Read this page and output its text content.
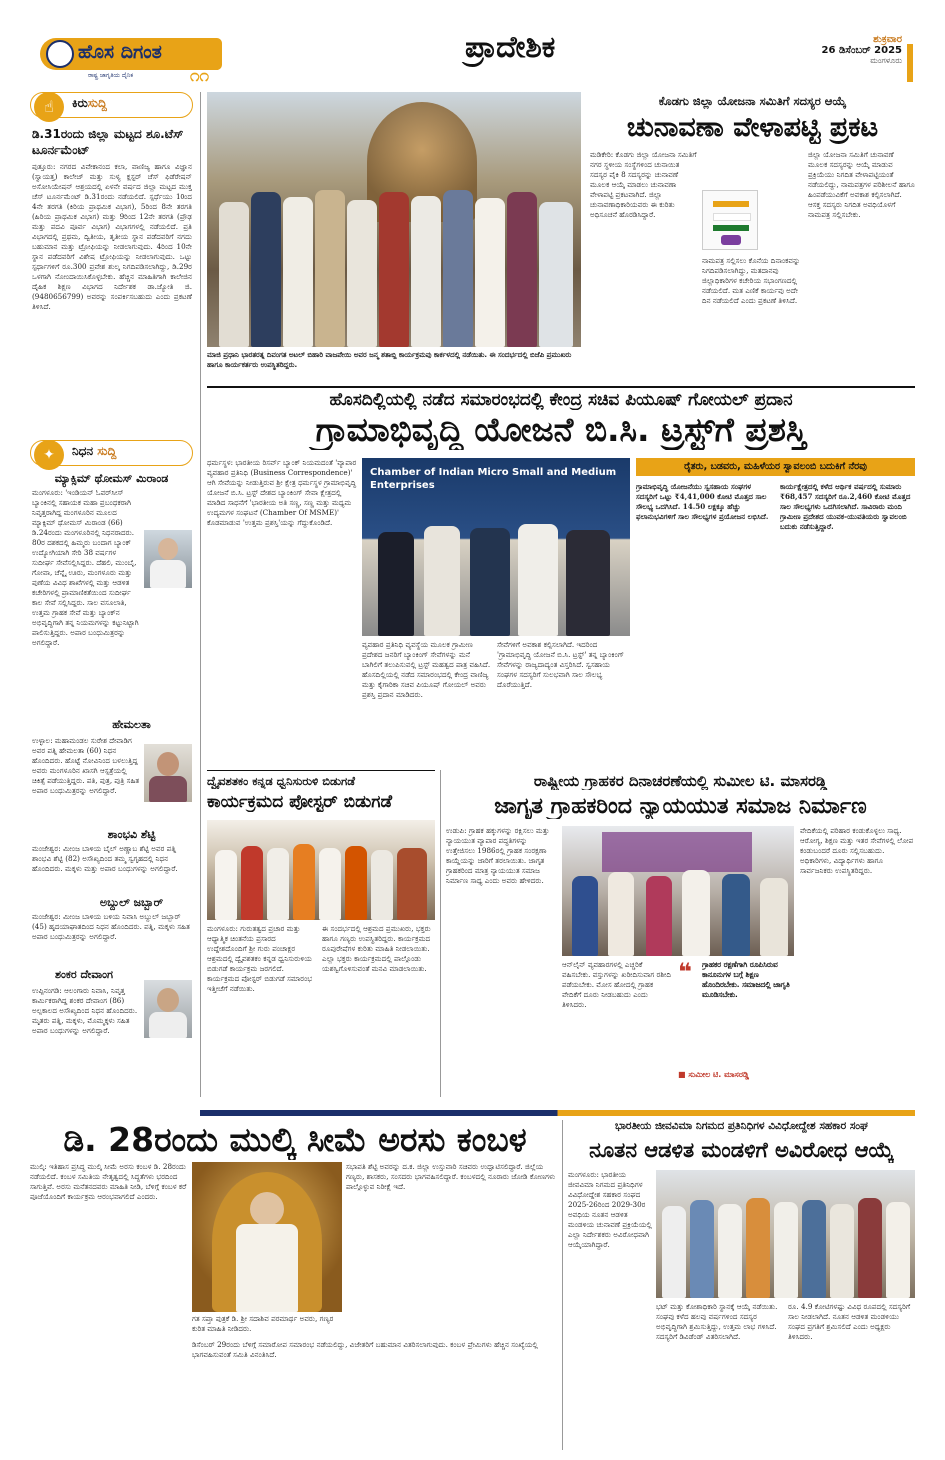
ಹೊಸ ದಿಗಂತ
ರಾಷ್ಟ್ರ ಜಾಗೃತಿಯ ದೈನಿಕ	೧೧
ಪ್ರಾದೇಶಿಕ	ಶುಕ್ರವಾರ
26 ಡಿಸೆಂಬರ್ 2025
ಮಂಗಳೂರು
☝	ಕಿರುಸುದ್ದಿ
ಡಿ.31ರಂದು ಜಿಲ್ಲಾ ಮಟ್ಟದ ಶೂ.ಟೆಸ್ ಟೂರ್ನಮೆಂಟ್
ಪುತ್ತೂರು: ನಗರದ ವಿವೇಕಾನಂದ ಕಲಾ, ವಾಣಿಜ್ಯ ಹಾಗೂ ವಿಜ್ಞಾನ (ಸ್ವಾಯತ್ತ) ಕಾಲೇಜ್ ಮತ್ತು ಸುಳ್ಯ ಕ್ಲಸ್ಟರ್ ಚೆಸ್ ಫಿಡೆರೇಷನ್ ಅಸೋಸಿಯೇಷನ್ ಆಶ್ರಯದಲ್ಲಿ ಏಳನೇ ವರ್ಷದ ಜಿಲ್ಲಾ ಮಟ್ಟದ ಮುಕ್ತ ಚೆಸ್ ಟೂರ್ನಮೆಂಟ್ ಡಿ.31ರಂದು ನಡೆಯಲಿದೆ. ಸ್ಪರ್ಧೆಯು 10ಂದ 4ನೇ ತರಗತಿ (ಕಿರಿಯ ಪ್ರಾಥಮಿಕ ವಿಭಾಗ), 5ರಿಂದ 8ನೇ ತರಗತಿ (ಹಿರಿಯ ಪ್ರಾಥಮಿಕ ವಿಭಾಗ) ಮತ್ತು 9ರಿಂದ 12ನೇ ತರಗತಿ (ಪ್ರೌಢ ಮತ್ತು ಪದವಿ ಪೂರ್ವ ವಿಭಾಗ) ವಿಭಾಗಗಳಲ್ಲಿ ನಡೆಯಲಿದೆ. ಪ್ರತಿ ವಿಭಾಗದಲ್ಲಿ ಪ್ರಥಮ, ದ್ವಿತೀಯ, ತೃತೀಯ ಸ್ಥಾನ ಪಡೆದವರಿಗೆ ನಗದು ಬಹುಮಾನ ಮತ್ತು ಟ್ರೋಫಿಯನ್ನು ನೀಡಲಾಗುವುದು. 4ರಿಂದ 10ನೇ ಸ್ಥಾನ ಪಡೆದವರಿಗೆ ವಿಶೇಷ ಟ್ರೋಫಿಯನ್ನು ನೀಡಲಾಗುವುದು. ಒಟ್ಟು ಸ್ಪರ್ಧಾಗಳಿಗೆ ರೂ.300 ಪ್ರವೇಶ ಶುಲ್ಕ ನಿಗದಿಪಡಿಸಲಾಗಿದ್ದು, ಡಿ.29ರ ಒಳಗಾಗಿ ನೋಂದಾಯಿಸಿಕೊಳ್ಳಬೇಕು. ಹೆಚ್ಚಿನ ಮಾಹಿತಿಗಾಗಿ ಕಾಲೇಜಿನ ದೈಹಿಕ ಶಿಕ್ಷಣ ವಿಭಾಗದ ನಿರ್ದೇಶಕ ಡಾ.ಜ್ಯೋತಿ ಜಿ. (9480656799) ಅವರನ್ನು ಸಂಪರ್ಕಿಸಬಹುದು ಎಂದು ಪ್ರಕಟಣೆ ತಿಳಿಸಿದೆ.
✦	ನಿಧನ ಸುದ್ದಿ
ಮ್ಯಾಕ್ಸಿಮ್ ಥೋಮಸ್ ಮಿರಾಂಡ
ಮಂಗಳೂರು: 'ಇಂಡಿಯನ್ ಓವರ್‌ಸೀಸ್ ಬ್ಯಾಂಕಿನಲ್ಲಿ ಸಹಾಯಕ ಮಹಾ ಪ್ರಬಂಧಕರಾಗಿ ನಿವೃತ್ತರಾಗಿದ್ದ ಮಂಗಳೂರಿನ ಮೂಲದ ಮ್ಯಾಕ್ಸಿಮ್ ಥೋಮಸ್ ಮಿರಾಂಡ (66) ಡಿ.24ರಂದು ಮಂಗಳೂರಿನಲ್ಲಿ ನಿಧನರಾದರು. 80ರ ದಶಕದಲ್ಲಿ ಹಿಮ್ಮರು ಬಂದಾಗ ಬ್ಯಾಂಕ್ ಉದ್ಯೋಗಿಯಾಗಿ ಸೇರಿ 38 ವರ್ಷಗಳ ಸುದೀರ್ಘ ಸೇವೆಸಲ್ಲಿಸಿದ್ದರು. ದೆಹಲಿ, ಮುಂಬೈ, ಗೋವಾ, ಚೆನ್ನೈ ಊರು, ಮಂಗಳೂರು ಮತ್ತು ಪುಣೆಯ ವಿವಿಧ ಶಾಖೆಗಳಲ್ಲಿ ಮತ್ತು ಆಡಳಿತ ಕಚೇರಿಗಳಲ್ಲಿ ಪ್ರಾಮಾಣಿಕತೆಯಿಂದ ಸುದೀರ್ಘ ಕಾಲ ಸೇವೆ ಸಲ್ಲಿಸಿದ್ದರು. ಸಾಲ ವಸೂಲಾತಿ, ಉತ್ತಮ ಗ್ರಾಹಕ ಸೇವೆ ಮತ್ತು ಬ್ಯಾಂಕ್‌ನ ಅಭಿವೃದ್ಧಿಗಾಗಿ ತನ್ನ ನಿಯಮಗಳನ್ನು ಕಟ್ಟುನಿಟ್ಟಾಗಿ ಪಾಲಿಸುತ್ತಿದ್ದರು. ಅಪಾರ ಬಂಧುಮಿತ್ರರನ್ನು ಅಗಲಿದ್ದಾರೆ.
ಹೇಮಲತಾ
ಉಳ್ಳಾಲ: ಮಹಾಮಂಡಲ ಸುರೇಶ ದೇವಾಡಿಗ ಅವರ ಪತ್ನಿ ಹೇಮಲತಾ (60) ನಿಧನ ಹೊಂದಿದರು. ಹೊಟ್ಟೆ ನೋವಿನಿಂದ ಬಳಲುತ್ತಿದ್ದ ಅವರು ಮಂಗಳೂರಿನ ಖಾಸಗಿ ಆಸ್ಪತ್ರೆಯಲ್ಲಿ ಚಿಕಿತ್ಸೆ ಪಡೆಯುತ್ತಿದ್ದರು. ಪತಿ, ಪುತ್ರ, ಪುತ್ರಿ ಸಹಿತ ಅಪಾರ ಬಂಧುಮಿತ್ರರನ್ನು ಅಗಲಿದ್ದಾರೆ.
ಶಾಂಭವಿ ಶೆಟ್ಟಿ
ಮಂಜೇಶ್ವರ: ಮೀಂಜ ಬಾಳಿಯ ಬೈಲ್ ಅಣ್ಣಾಬ ಶೆಟ್ಟಿ ಅವರ ಪತ್ನಿ ಶಾಂಭವಿ ಶೆಟ್ಟಿ (82) ಅಸೌಖ್ಯದಿಂದ ತಮ್ಮ ಸ್ವಗೃಹದಲ್ಲಿ ನಿಧನ ಹೊಂದಿದರು. ಮಕ್ಕಳು ಮತ್ತು ಅಪಾರ ಬಂಧುಗಳನ್ನು ಅಗಲಿದ್ದಾರೆ.
ಅಬ್ದುಲ್ ಜಬ್ಬಾರ್
ಮಂಜೇಶ್ವರ: ಮೀಂಜ ಬಾಳಿಯ ಬಳಿಯ ನಿವಾಸಿ ಅಬ್ದುಲ್ ಜಬ್ಬಾರ್ (45) ಹೃದಯಾಘಾತದಿಂದ ನಿಧನ ಹೊಂದಿದರು. ಪತ್ನಿ, ಮಕ್ಕಳು ಸಹಿತ ಅಪಾರ ಬಂಧುಮಿತ್ರರನ್ನು ಅಗಲಿದ್ದಾರೆ.
ಶಂಕರ ದೇವಾಂಗ
ಉಪ್ಪಿನಂಗಡಿ: ಆಲಂಗಾರು ನಿವಾಸಿ, ನಿವೃತ್ತ ಕಾರ್ಮಿಕರಾಗಿದ್ದ ಶಂಕರ ದೇವಾಂಗ (86) ಅಲ್ಪಕಾಲದ ಅಸೌಖ್ಯದಿಂದ ನಿಧನ ಹೊಂದಿದರು. ಮೃತರು ಪತ್ನಿ, ಮಕ್ಕಳು, ಮೊಮ್ಮಕ್ಕಳು ಸಹಿತ ಅಪಾರ ಬಂಧುಗಳನ್ನು ಅಗಲಿದ್ದಾರೆ.
ಮಾಜಿ ಪ್ರಧಾನಿ ಭಾರತರತ್ನ ದಿವಂಗತ ಅಟಲ್ ಬಿಹಾರಿ ವಾಜಪೇಯಿ ಅವರ ಜನ್ಮ ಶತಾಬ್ದಿ ಕಾರ್ಯಕ್ರಮವು ಕಾರ್ಕಳದಲ್ಲಿ ನಡೆಯಿತು. ಈ ಸಂದರ್ಭದಲ್ಲಿ ಬಿಜೆಪಿ ಪ್ರಮುಖರು ಹಾಗೂ ಕಾರ್ಯಕರ್ತರು ಉಪಸ್ಥಿತರಿದ್ದರು.
ಕೊಡಗು ಜಿಲ್ಲಾ ಯೋಜನಾ ಸಮಿತಿಗೆ ಸದಸ್ಯರ ಆಯ್ಕೆ
ಚುನಾವಣಾ ವೇಳಾಪಟ್ಟಿ ಪ್ರಕಟ
ಮಡಿಕೇರಿ: ಕೊಡಗು ಜಿಲ್ಲಾ ಯೋಜನಾ ಸಮಿತಿಗೆ ನಗರ ಸ್ಥಳೀಯ ಸಂಸ್ಥೆಗಳಿಂದ ಚುನಾಯಿತ ಸದಸ್ಯರ ಪೈಕಿ 8 ಸದಸ್ಯರನ್ನು ಚುನಾವಣೆ ಮೂಲಕ ಆಯ್ಕೆ ಮಾಡಲು ಚುನಾವಣಾ ವೇಳಾಪಟ್ಟಿ ಪ್ರಕಟವಾಗಿದೆ. ಜಿಲ್ಲಾ ಚುನಾವಣಾಧಿಕಾರಿಯವರು ಈ ಕುರಿತು ಅಧಿಸೂಚನೆ ಹೊರಡಿಸಿದ್ದಾರೆ.
ನಾಮಪತ್ರ ಸಲ್ಲಿಸಲು ಕೊನೆಯ ದಿನಾಂಕವನ್ನು ನಿಗದಿಪಡಿಸಲಾಗಿದ್ದು, ಮತದಾನವು ಜಿಲ್ಲಾಧಿಕಾರಿಗಳ ಕಚೇರಿಯ ಸಭಾಂಗಣದಲ್ಲಿ ನಡೆಯಲಿದೆ. ಮತ ಎಣಿಕೆ ಕಾರ್ಯವು ಅದೇ ದಿನ ನಡೆಯಲಿದೆ ಎಂದು ಪ್ರಕಟಣೆ ತಿಳಿಸಿದೆ.
ಜಿಲ್ಲಾ ಯೋಜನಾ ಸಮಿತಿಗೆ ಚುನಾವಣೆ ಮೂಲಕ ಸದಸ್ಯರನ್ನು ಆಯ್ಕೆ ಮಾಡುವ ಪ್ರಕ್ರಿಯೆಯು ನಿಗದಿತ ವೇಳಾಪಟ್ಟಿಯಂತೆ ನಡೆಯಲಿದ್ದು, ನಾಮಪತ್ರಗಳ ಪರಿಶೀಲನೆ ಹಾಗೂ ಹಿಂಪಡೆಯುವಿಕೆಗೆ ಅವಕಾಶ ಕಲ್ಪಿಸಲಾಗಿದೆ. ಆಸಕ್ತ ಸದಸ್ಯರು ನಿಗದಿತ ಅವಧಿಯೊಳಗೆ ನಾಮಪತ್ರ ಸಲ್ಲಿಸಬೇಕು.
ಹೊಸದಿಲ್ಲಿಯಲ್ಲಿ ನಡೆದ ಸಮಾರಂಭದಲ್ಲಿ ಕೇಂದ್ರ ಸಚಿವ ಪಿಯೂಷ್ ಗೋಯಲ್ ಪ್ರದಾನ
ಗ್ರಾಮಾಭಿವೃದ್ಧಿ ಯೋಜನೆ ಬಿ.ಸಿ. ಟ್ರಸ್ಟ್‌ಗೆ ಪ್ರಶಸ್ತಿ
ಧರ್ಮಸ್ಥಳ: ಭಾರತೀಯ ರಿಸರ್ವ್ ಬ್ಯಾಂಕ್ ನಿಯಮದಂತೆ 'ವ್ಯಾಪಾರ ವ್ಯವಹಾರ ಪ್ರತಿನಿಧಿ (Business Correspondence)' ಆಗಿ ಸೇವೆಯನ್ನು ನೀಡುತ್ತಿರುವ ಶ್ರೀ ಕ್ಷೇತ್ರ ಧರ್ಮಸ್ಥಳ ಗ್ರಾಮಾಭಿವೃದ್ಧಿ ಯೋಜನೆ ಬಿ.ಸಿ. ಟ್ರಸ್ಟ್ ದೇಶದ ಬ್ಯಾಂಕಿಂಗ್ ಸೇವಾ ಕ್ಷೇತ್ರದಲ್ಲಿ ಮಾಡಿದ ಸಾಧನೆಗೆ 'ಭಾರತೀಯ ಅತಿ ಸಣ್ಣ, ಸಣ್ಣ ಮತ್ತು ಮಧ್ಯಮ ಉದ್ಯಮಗಳ ಸಂಘಟನೆ (Chamber Of MSME)' ಕೊಡಮಾಡುವ 'ಉತ್ತಮ ಪ್ರಶಸ್ತಿ'ಯನ್ನು ಗೆದ್ದುಕೊಂಡಿದೆ.
Chamber of Indian Micro Small and Medium Enterprises
ರೈತರು, ಬಡವರು, ಮಹಿಳೆಯರ ಸ್ವಾವಲಂಬಿ ಬದುಕಿಗೆ ನೆರವು
ಗ್ರಾಮಾಭಿವೃದ್ಧಿ ಯೋಜನೆಯು ಸ್ವಸಹಾಯ ಸಂಘಗಳ ಸದಸ್ಯರಿಗೆ ಒಟ್ಟು ₹4,41,000 ಕೋಟಿ ಮೊತ್ತದ ಸಾಲ ಸೌಲಭ್ಯ ಒದಗಿಸಿದೆ. 14.50 ಲಕ್ಷಕ್ಕೂ ಹೆಚ್ಚು ಫಲಾನುಭವಿಗಳಿಗೆ ಸಾಲ ಸೌಲಭ್ಯಗಳ ಪ್ರಯೋಜನ ಲಭಿಸಿದೆ.
ಕಾರ್ಯಕ್ಷೇತ್ರದಲ್ಲಿ ಕಳೆದ ಆರ್ಥಿಕ ವರ್ಷದಲ್ಲಿ ಸುಮಾರು ₹68,457 ಸದಸ್ಯರಿಗೆ ರೂ.2,460 ಕೋಟಿ ಮೊತ್ತದ ಸಾಲ ಸೌಲಭ್ಯಗಳು ಒದಗಿಸಲಾಗಿದೆ. ಸಾವಿರಾರು ಮಂದಿ ಗ್ರಾಮೀಣ ಪ್ರದೇಶದ ಯುವಕ-ಯುವತಿಯರು ಸ್ವಾವಲಂಬಿ ಬದುಕು ನಡೆಸುತ್ತಿದ್ದಾರೆ.
ವ್ಯವಹಾರ ಪ್ರತಿನಿಧಿ ವ್ಯವಸ್ಥೆಯ ಮೂಲಕ ಗ್ರಾಮೀಣ ಪ್ರದೇಶದ ಜನರಿಗೆ ಬ್ಯಾಂಕಿಂಗ್ ಸೇವೆಗಳನ್ನು ಮನೆ ಬಾಗಿಲಿಗೆ ತಲುಪಿಸುವಲ್ಲಿ ಟ್ರಸ್ಟ್ ಮಹತ್ವದ ಪಾತ್ರ ವಹಿಸಿದೆ. ಹೊಸದಿಲ್ಲಿಯಲ್ಲಿ ನಡೆದ ಸಮಾರಂಭದಲ್ಲಿ ಕೇಂದ್ರ ವಾಣಿಜ್ಯ ಮತ್ತು ಕೈಗಾರಿಕಾ ಸಚಿವ ಪಿಯೂಷ್ ಗೋಯಲ್ ಅವರು ಪ್ರಶಸ್ತಿ ಪ್ರದಾನ ಮಾಡಿದರು.
ಸೇವೆಗಳಿಗೆ ಅವಕಾಶ ಕಲ್ಪಿಸಲಾಗಿದೆ. ಇದರಿಂದ 'ಗ್ರಾಮಾಭಿವೃದ್ಧಿ ಯೋಜನೆ ಬಿ.ಸಿ. ಟ್ರಸ್ಟ್' ತನ್ನ ಬ್ಯಾಂಕಿಂಗ್ ಸೇವೆಗಳನ್ನು ರಾಜ್ಯದಾದ್ಯಂತ ವಿಸ್ತರಿಸಿದೆ. ಸ್ವಸಹಾಯ ಸಂಘಗಳ ಸದಸ್ಯರಿಗೆ ಸುಲಭವಾಗಿ ಸಾಲ ಸೌಲಭ್ಯ ದೊರೆಯುತ್ತಿದೆ.
ದ್ವೈವಶತಕಂ ಕನ್ನಡ ಧ್ವನಿಸುರುಳಿ ಬಿಡುಗಡೆ
ಕಾರ್ಯಕ್ರಮದ ಪೋಸ್ಟರ್ ಬಿಡುಗಡೆ
ಮಂಗಳೂರು: ಗುರುತತ್ವದ ಪ್ರಚಾರ ಮತ್ತು ಆಧ್ಯಾತ್ಮಿಕ ಚಿಂತನೆಯ ಪ್ರಸಾರದ ಉದ್ದೇಶದೊಂದಿಗೆ ಶ್ರೀ ಗುರು ಪಂಚಾಕ್ಷರ ಆಶ್ರಮದಲ್ಲಿ ದ್ವೈವಶತಕಂ ಕನ್ನಡ ಧ್ವನಿಸುರುಳಿಯ ಬಿಡುಗಡೆ ಕಾರ್ಯಕ್ರಮ ಜರಗಲಿದೆ. ಕಾರ್ಯಕ್ರಮದ ಪೋಸ್ಟರ್ ಬಿಡುಗಡೆ ಸಮಾರಂಭ ಇತ್ತೀಚೆಗೆ ನಡೆಯಿತು.
ಈ ಸಂದರ್ಭದಲ್ಲಿ ಆಶ್ರಮದ ಪ್ರಮುಖರು, ಭಕ್ತರು ಹಾಗೂ ಗಣ್ಯರು ಉಪಸ್ಥಿತರಿದ್ದರು. ಕಾರ್ಯಕ್ರಮದ ರೂಪುರೇಷೆಗಳ ಕುರಿತು ಮಾಹಿತಿ ನೀಡಲಾಯಿತು. ಎಲ್ಲಾ ಭಕ್ತರು ಕಾರ್ಯಕ್ರಮದಲ್ಲಿ ಪಾಲ್ಗೊಂಡು ಯಶಸ್ವಿಗೊಳಿಸುವಂತೆ ಮನವಿ ಮಾಡಲಾಯಿತು.
ರಾಷ್ಟ್ರೀಯ ಗ್ರಾಹಕರ ದಿನಾಚರಣೆಯಲ್ಲಿ ಸುಮೀಲ ಟಿ. ಮಾಸರಡ್ಡಿ
ಜಾಗೃತ ಗ್ರಾಹಕರಿಂದ ನ್ಯಾಯಯುತ ಸಮಾಜ ನಿರ್ಮಾಣ
ಉಡುಪಿ: ಗ್ರಾಹಕ ಹಕ್ಕುಗಳನ್ನು ರಕ್ಷಿಸಲು ಮತ್ತು ನ್ಯಾಯಯುತ ವ್ಯಾಪಾರ ಪದ್ಧತಿಗಳನ್ನು ಉತ್ತೇಜಿಸಲು 1986ರಲ್ಲಿ ಗ್ರಾಹಕ ಸಂರಕ್ಷಣಾ ಕಾಯ್ದೆಯನ್ನು ಜಾರಿಗೆ ತರಲಾಯಿತು. ಜಾಗೃತ ಗ್ರಾಹಕರಿಂದ ಮಾತ್ರ ನ್ಯಾಯಯುತ ಸಮಾಜ ನಿರ್ಮಾಣ ಸಾಧ್ಯ ಎಂದು ಅವರು ಹೇಳಿದರು.
ಆನ್‌ಲೈನ್ ವ್ಯವಹಾರಗಳಲ್ಲಿ ಎಚ್ಚರಿಕೆ ವಹಿಸಬೇಕು. ವಸ್ತುಗಳನ್ನು ಖರೀದಿಸುವಾಗ ರಶೀದಿ ಪಡೆಯಬೇಕು. ಮೋಸ ಹೋದಲ್ಲಿ ಗ್ರಾಹಕ ವೇದಿಕೆಗೆ ದೂರು ನೀಡಬಹುದು ಎಂದು ತಿಳಿಸಿದರು.
❝	ಗ್ರಾಹಕರ ರಕ್ಷಣೆಗಾಗಿ ರೂಪಿಸಿರುವ ಕಾನೂನುಗಳ ಬಗ್ಗೆ ಶಿಕ್ಷಣ ಹೊಂದಿರಬೇಕು. ಸಮಾಜದಲ್ಲಿ ಜಾಗೃತಿ ಮೂಡಿಸಬೇಕು.
■ ಸುಮೀಲ ಟಿ. ಮಾಸರಡ್ಡಿ
ವೇದಿಕೆಯಲ್ಲಿ ಪರಿಹಾರ ಕಂಡುಕೊಳ್ಳಲು ಸಾಧ್ಯ. ಆರೋಗ್ಯ, ಶಿಕ್ಷಣ ಮತ್ತು ಇತರ ಸೇವೆಗಳಲ್ಲಿ ಲೋಪ ಕಂಡುಬಂದರೆ ದೂರು ಸಲ್ಲಿಸಬಹುದು. ಅಧಿಕಾರಿಗಳು, ವಿದ್ಯಾರ್ಥಿಗಳು ಹಾಗೂ ಸಾರ್ವಜನಿಕರು ಉಪಸ್ಥಿತರಿದ್ದರು.
ಡಿ. 28ರಂದು ಮುಲ್ಕಿ ಸೀಮೆ ಅರಸು ಕಂಬಳ
ಮುಲ್ಕಿ: ಇತಿಹಾಸ ಪ್ರಸಿದ್ಧ ಮುಲ್ಕಿ ಸೀಮೆ ಅರಸು ಕಂಬಳ ಡಿ. 28ರಂದು ನಡೆಯಲಿದೆ. ಕಂಬಳ ಸಮಿತಿಯ ನೇತೃತ್ವದಲ್ಲಿ ಸಿದ್ಧತೆಗಳು ಭರದಿಂದ ಸಾಗುತ್ತಿವೆ. ಅರಸು ಮನೆತನದವರು ಮಾಹಿತಿ ನೀಡಿ, ಬೆಳಿಗ್ಗೆ ಕಂಬಳ ಕರೆ ಪೂಜೆಯೊಂದಿಗೆ ಕಾರ್ಯಕ್ರಮ ಆರಂಭವಾಗಲಿದೆ ಎಂದರು.
ಗತ ಸಪ್ತಾ ಪುತ್ರಕೆ ಡಿ. ಶ್ರೀ ಸದಾಶಿವ ಪರಮಾರ್ಥ ಅವರು, ಗಣ್ಯರ ಕುರಿತ ಮಾಹಿತಿ ನೀಡಿದರು.
ಸಭಾಪತಿ ಶೆಟ್ಟಿ ಅವರನ್ನು ದ.ಕ. ಜಿಲ್ಲಾ ಉಸ್ತುವಾರಿ ಸಚಿವರು ಉದ್ಘಾಟಿಸಲಿದ್ದಾರೆ. ಜಿಲ್ಲೆಯ ಗಣ್ಯರು, ಶಾಸಕರು, ಸಂಸದರು ಭಾಗವಹಿಸಲಿದ್ದಾರೆ. ಕಂಬಳದಲ್ಲಿ ನೂರಾರು ಜೋಡಿ ಕೋಣಗಳು ಪಾಲ್ಗೊಳ್ಳುವ ನಿರೀಕ್ಷೆ ಇದೆ.
ಡಿಸೆಂಬರ್ 29ರಂದು ಬೆಳಿಗ್ಗೆ ಸಮಾರೋಪ ಸಮಾರಂಭ ನಡೆಯಲಿದ್ದು, ವಿಜೇತರಿಗೆ ಬಹುಮಾನ ವಿತರಿಸಲಾಗುವುದು. ಕಂಬಳ ಪ್ರೇಮಿಗಳು ಹೆಚ್ಚಿನ ಸಂಖ್ಯೆಯಲ್ಲಿ ಭಾಗವಹಿಸುವಂತೆ ಸಮಿತಿ ವಿನಂತಿಸಿದೆ.
ಭಾರತೀಯ ಜೀವವಿಮಾ ನಿಗಮದ ಪ್ರತಿನಿಧಿಗಳ ವಿವಿಧೋದ್ದೇಶ ಸಹಕಾರ ಸಂಘ
ನೂತನ ಆಡಳಿತ ಮಂಡಳಿಗೆ ಅವಿರೋಧ ಆಯ್ಕೆ
ಮಂಗಳೂರು: ಭಾರತೀಯ ಜೀವವಿಮಾ ನಿಗಮದ ಪ್ರತಿನಿಧಿಗಳ ವಿವಿಧೋದ್ದೇಶ ಸಹಕಾರ ಸಂಘದ 2025-26ರಿಂದ 2029-30ರ ಅವಧಿಯ ನೂತನ ಆಡಳಿತ ಮಂಡಳಿಯ ಚುನಾವಣೆ ಪ್ರಕ್ರಿಯೆಯಲ್ಲಿ ಎಲ್ಲಾ ನಿರ್ದೇಶಕರು ಅವಿರೋಧವಾಗಿ ಆಯ್ಕೆಯಾಗಿದ್ದಾರೆ.
ಭಟ್ ಮತ್ತು ಕೋಶಾಧಿಕಾರಿ ಸ್ಥಾನಕ್ಕೆ ಆಯ್ಕೆ ನಡೆಯಿತು. ಸಂಘವು ಕಳೆದ ಹಲವು ವರ್ಷಗಳಿಂದ ಸದಸ್ಯರ ಅಭಿವೃದ್ಧಿಗಾಗಿ ಶ್ರಮಿಸುತ್ತಿದ್ದು, ಉತ್ತಮ ಲಾಭ ಗಳಿಸಿದೆ. ಸದಸ್ಯರಿಗೆ ಡಿವಿಡೆಂಡ್ ವಿತರಿಸಲಾಗಿದೆ.
ರೂ. 4.9 ಕೋಟಿಗಳಷ್ಟು ವಿವಿಧ ರೂಪದಲ್ಲಿ ಸದಸ್ಯರಿಗೆ ಸಾಲ ನೀಡಲಾಗಿದೆ. ನೂತನ ಆಡಳಿತ ಮಂಡಳಿಯು ಸಂಘದ ಪ್ರಗತಿಗೆ ಶ್ರಮಿಸಲಿದೆ ಎಂದು ಅಧ್ಯಕ್ಷರು ತಿಳಿಸಿದರು.
